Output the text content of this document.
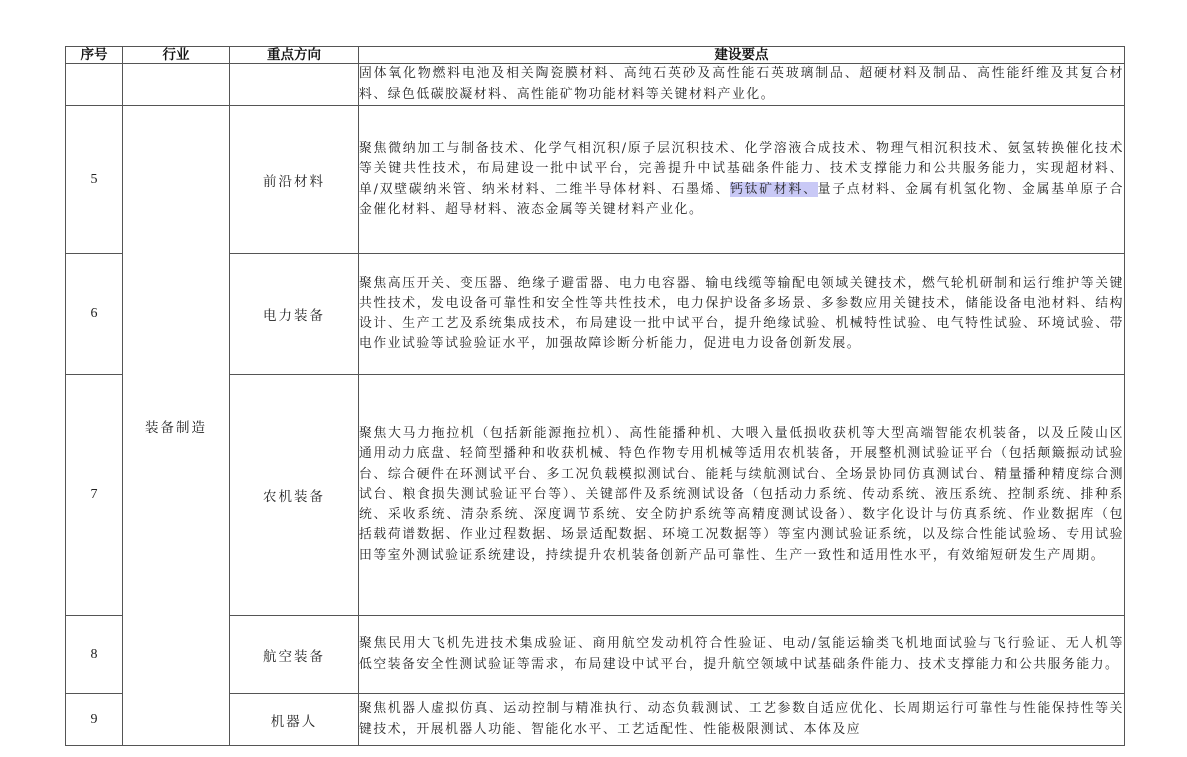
序号	行业	重点方向	建设要点
			固体氧化物燃料电池及相关陶瓷膜材料、高纯石英砂及高性能石英玻璃制品、超硬材料及制品、高性能纤维及其复合材料、绿色低碳胶凝材料、高性能矿物功能材料等关键材料产业化。
5	装备制造	前沿材料	聚焦微纳加工与制备技术、化学气相沉积/原子层沉积技术、化学溶液合成技术、物理气相沉积技术、氨氢转换催化技术等关键共性技术，布局建设一批中试平台，完善提升中试基础条件能力、技术支撑能力和公共服务能力，实现超材料、单/双壁碳纳米管、纳米材料、二维半导体材料、石墨烯、钙钛矿材料、量子点材料、金属有机氢化物、金属基单原子合金催化材料、超导材料、液态金属等关键材料产业化。
6		电力装备	聚焦高压开关、变压器、绝缘子避雷器、电力电容器、输电线缆等输配电领域关键技术，燃气轮机研制和运行维护等关键共性技术，发电设备可靠性和安全性等共性技术，电力保护设备多场景、多参数应用关键技术，储能设备电池材料、结构设计、生产工艺及系统集成技术，布局建设一批中试平台，提升绝缘试验、机械特性试验、电气特性试验、环境试验、带电作业试验等试验验证水平，加强故障诊断分析能力，促进电力设备创新发展。
7		农机装备	聚焦大马力拖拉机（包括新能源拖拉机）、高性能播种机、大喂入量低损收获机等大型高端智能农机装备，以及丘陵山区通用动力底盘、轻简型播种和收获机械、特色作物专用机械等适用农机装备，开展整机测试验证平台（包括颠簸振动试验台、综合硬件在环测试平台、多工况负载模拟测试台、能耗与续航测试台、全场景协同仿真测试台、精量播种精度综合测试台、粮食损失测试验证平台等）、关键部件及系统测试设备（包括动力系统、传动系统、液压系统、控制系统、排种系统、采收系统、清杂系统、深度调节系统、安全防护系统等高精度测试设备）、数字化设计与仿真系统、作业数据库（包括载荷谱数据、作业过程数据、场景适配数据、环境工况数据等）等室内测试验证系统，以及综合性能试验场、专用试验田等室外测试验证系统建设，持续提升农机装备创新产品可靠性、生产一致性和适用性水平，有效缩短研发生产周期。
8		航空装备	聚焦民用大飞机先进技术集成验证、商用航空发动机符合性验证、电动/氢能运输类飞机地面试验与飞行验证、无人机等低空装备安全性测试验证等需求，布局建设中试平台，提升航空领域中试基础条件能力、技术支撑能力和公共服务能力。
9		机器人	聚焦机器人虚拟仿真、运动控制与精准执行、动态负载测试、工艺参数自适应优化、长周期运行可靠性与性能保持性等关键技术，开展机器人功能、智能化水平、工艺适配性、性能极限测试、本体及应
